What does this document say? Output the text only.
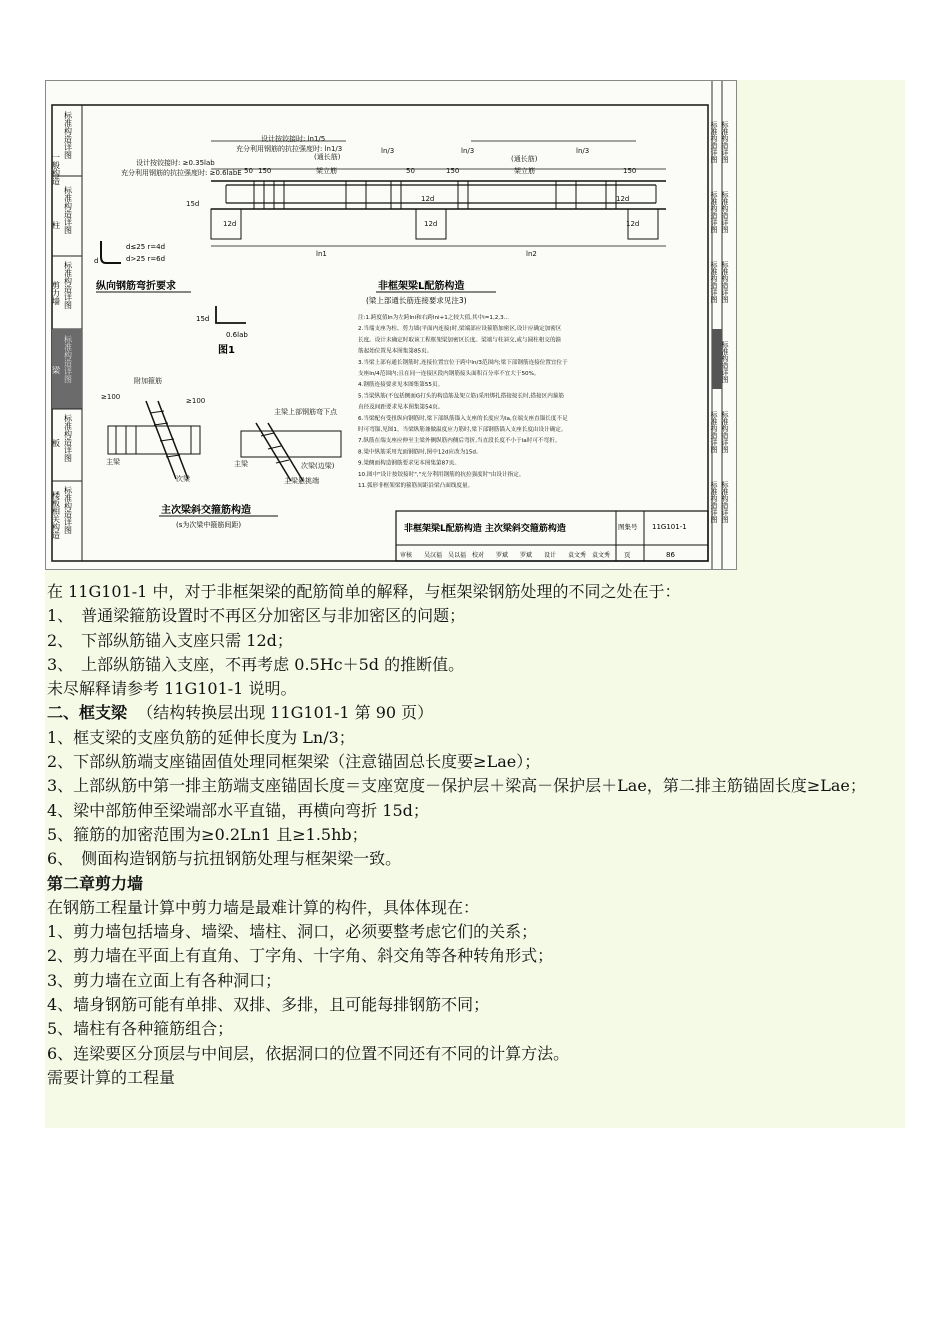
一般构造
柱
剪力墙
梁
板
楼板相关构造
标准构造详图
标准构造详图
标准构造详图
标准构造详图
标准构造详图
标准构造详图
标准构造详图
标准构造详图
标准构造详图
标准构造详图
标准构造详图
标准构造详图
标准构造详图
标准构造详图
标准构造详图
标准构造详图
标准构造详图
设计按铰接时: ln1/5
充分利用钢筋的抗拉强度时: ln1/3
设计按铰接时: ≥0.35lab
充分利用钢筋的抗拉强度时: ≥0.6labE
(通长筋)
架立筋
(通长筋)
架立筋
ln/3	ln/3	ln/3
50 150	150
50	150
15d
12d
12d
12d
12d
12d
ln1	ln2
d
d≤25 r=4d
d>25 r=6d
纵向钢筋弯折要求
15d
0.6lab
图1
非框架梁L配筋构造
(梁上部通长筋连接要求见注3)
注:1.跨度值ln为左跨lni和右跨lni+1之较大值,其中i=1,2,3...
2.当端支座为柱、剪力墙(平面内连接)时,梁端部应设箍筋加密区,设计应确定加密区
长度。设计未确定时取该工程框架梁加密区长度。梁端与柱斜交,或与圆柱相交的箍
筋起始位置见本图集第85页。
3.当梁上部有通长钢筋时,连接位置宜位于跨中ln/3范围内;梁下部钢筋连接位置宜位于
支座ln/4范围内;且在同一连接区段内钢筋接头面积百分率不宜大于50%。
4.钢筋连接要求见本图集第55页。
5.当梁纵筋(不包括侧面G打头的构造筋及架立筋)采用绑扎搭接接长时,搭接区内箍筋
直径及间距要求见本图集第54页。
6.当梁配有受扭纵向钢筋时,梁下部纵筋锚入支座的长度应为la,在端支座直锚长度不足
时可弯锚,见图1。当梁纵筋兼做温度应力筋时,梁下部钢筋锚入支座长度由设计确定。
7.纵筋在端支座应伸至主梁外侧纵筋内侧后弯折,当直段长度不小于la时可不弯折。
8.梁中纵筋采用光面钢筋时,图中12d应改为15d。
9.梁侧面构造钢筋要求见本图集第87页。
10.图中"设计按铰接时","充分利用钢筋的抗拉强度时"由设计指定。
11.弧形非框架梁的箍筋间距沿梁凸面线度量。
附加箍筋
≥100	≥100
主梁
次梁
主梁上部钢筋弯下点
主梁	次梁(边梁)
主梁悬挑端
主次梁斜交箍筋构造
(s为次梁中箍筋间距)	非框架梁L配筋构造 主次梁斜交箍筋构造	图集号 11G101-1
页	86
审核 吴汉福 吴以福 校对 罗斌 罗斌 设计 袁文秀 袁文秀
在 11G101-1 中，对于非框架梁的配筋简单的解释，与框架梁钢筋处理的不同之处在于：
1、　普通梁箍筋设置时不再区分加密区与非加密区的问题；
2、　下部纵筋锚入支座只需 12d；
3、　上部纵筋锚入支座，不再考虑 0.5Hc＋5d 的推断值。
未尽解释请参考 11G101-1 说明。
二、框支梁 （结构转换层出现 11G101-1 第 90 页）
1、框支梁的支座负筋的延伸长度为 Ln/3；
2、下部纵筋端支座锚固值处理同框架梁（注意锚固总长度要≥Lae）；
3、上部纵筋中第一排主筋端支座锚固长度＝支座宽度－保护层＋梁高－保护层＋Lae，第二排主筋锚固长度≥Lae；
4、梁中部筋伸至梁端部水平直锚，再横向弯折 15d；
5、箍筋的加密范围为≥0.2Ln1 且≥1.5hb；
6、　侧面构造钢筋与抗扭钢筋处理与框架梁一致。
第二章剪力墙
在钢筋工程量计算中剪力墙是最难计算的构件，具体体现在：
1、剪力墙包括墙身、墙梁、墙柱、洞口，必须要整考虑它们的关系；
2、剪力墙在平面上有直角、丁字角、十字角、斜交角等各种转角形式；
3、剪力墙在立面上有各种洞口；
4、墙身钢筋可能有单排、双排、多排，且可能每排钢筋不同；
5、墙柱有各种箍筋组合；
6、连梁要区分顶层与中间层，依据洞口的位置不同还有不同的计算方法。
需要计算的工程量
